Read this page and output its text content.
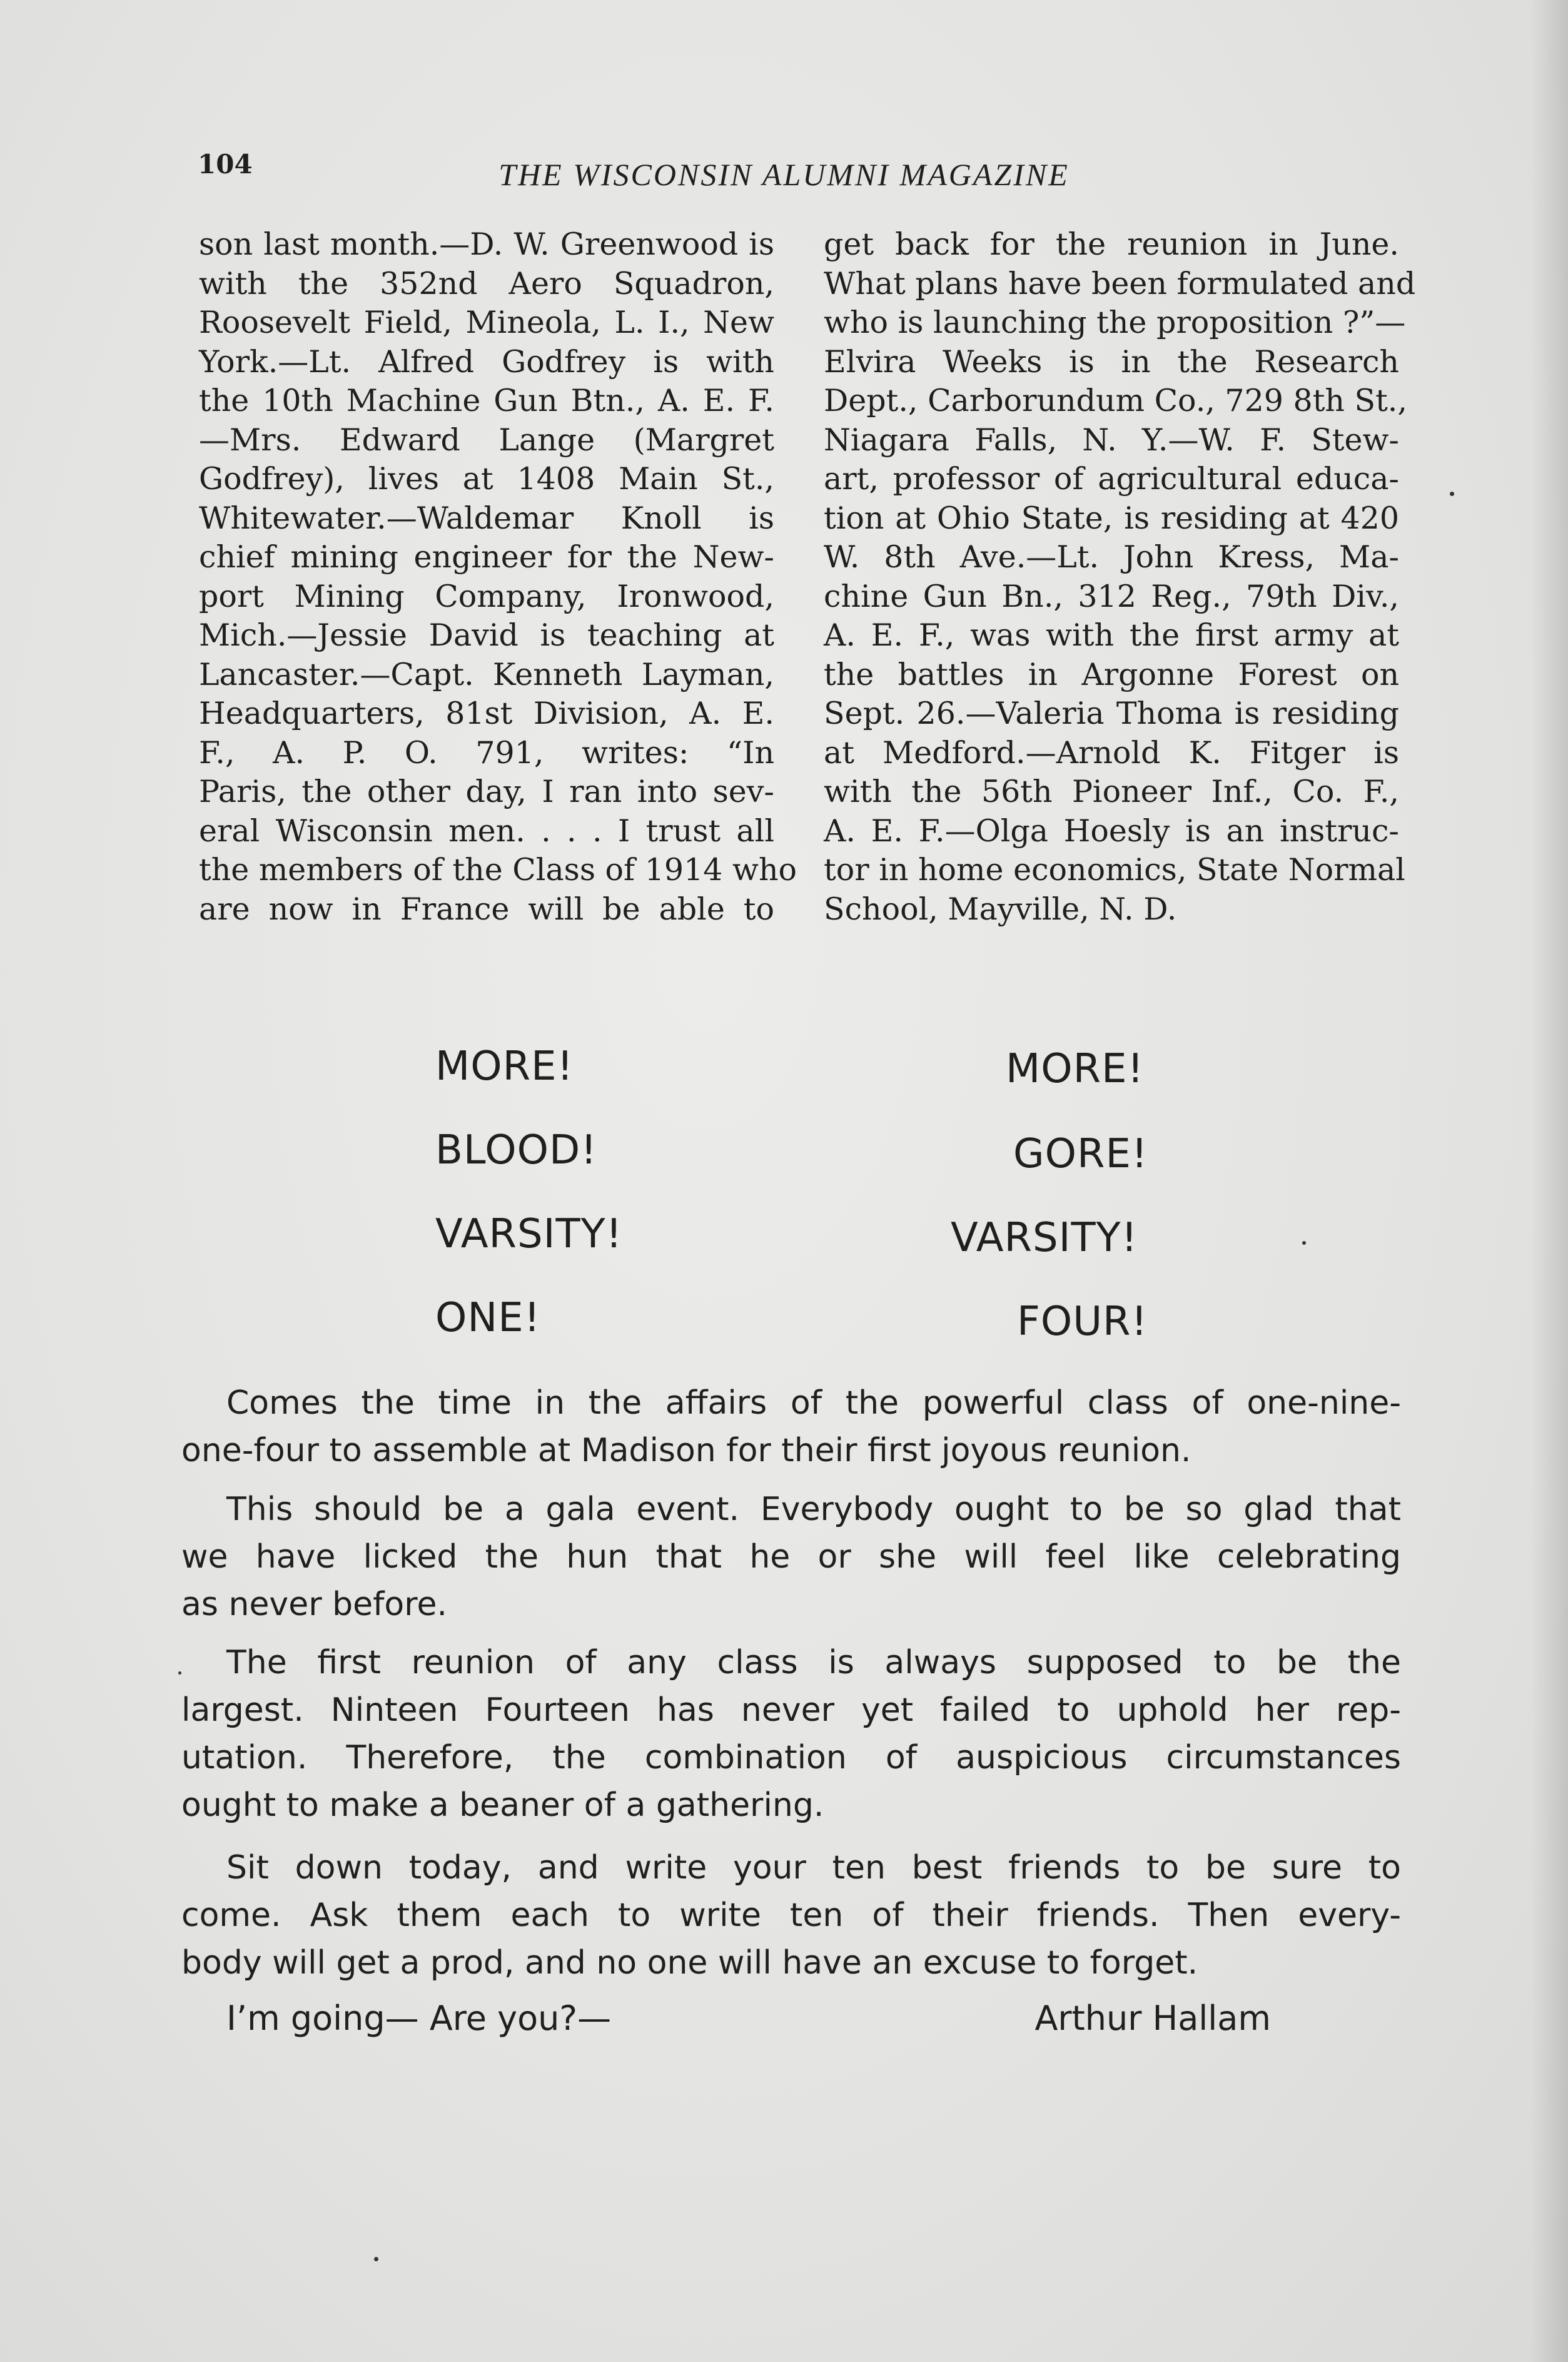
104	THE WISCONSIN ALUMNI MAGAZINE
son last month.—D. W. Greenwood is
with the 352nd Aero Squadron,
Roosevelt Field, Mineola, L. I., New
York.—Lt. Alfred Godfrey is with
the 10th Machine Gun Btn., A. E. F.
—Mrs. Edward Lange (Margret
Godfrey), lives at 1408 Main St.,
Whitewater.—Waldemar Knoll is
chief mining engineer for the New-
port Mining Company, Ironwood,
Mich.—Jessie David is teaching at
Lancaster.—Capt. Kenneth Layman,
Headquarters, 81st Division, A. E.
F., A. P. O. 791, writes: “In
Paris, the other day, I ran into sev-
eral Wisconsin men. . . . I trust all
the members of the Class of 1914 who
are now in France will be able to
get back for the reunion in June.
What plans have been formulated and
who is launching the proposition ?”—
Elvira Weeks is in the Research
Dept., Carborundum Co., 729 8th St.,
Niagara Falls, N. Y.—W. F. Stew-
art, professor of agricultural educa-
tion at Ohio State, is residing at 420
W. 8th Ave.—Lt. John Kress, Ma-
chine Gun Bn., 312 Reg., 79th Div.,
A. E. F., was with the first army at
the battles in Argonne Forest on
Sept. 26.—Valeria Thoma is residing
at Medford.—Arnold K. Fitger is
with the 56th Pioneer Inf., Co. F.,
A. E. F.—Olga Hoesly is an instruc-
tor in home economics, State Normal
School, Mayville, N. D.
MORE!
BLOOD!
VARSITY!
ONE!
MORE!
GORE!
VARSITY!
FOUR!
Comes the time in the affairs of the powerful class of one-nine-
one-four to assemble at Madison for their first joyous reunion.
This should be a gala event. Everybody ought to be so glad that
we have licked the hun that he or she will feel like celebrating
as never before.
The first reunion of any class is always supposed to be the
largest. Ninteen Fourteen has never yet failed to uphold her rep-
utation. Therefore, the combination of auspicious circumstances
ought to make a beaner of a gathering.
Sit down today, and write your ten best friends to be sure to
come. Ask them each to write ten of their friends. Then every-
body will get a prod, and no one will have an excuse to forget.
I’m going— Are you?—	Arthur Hallam
